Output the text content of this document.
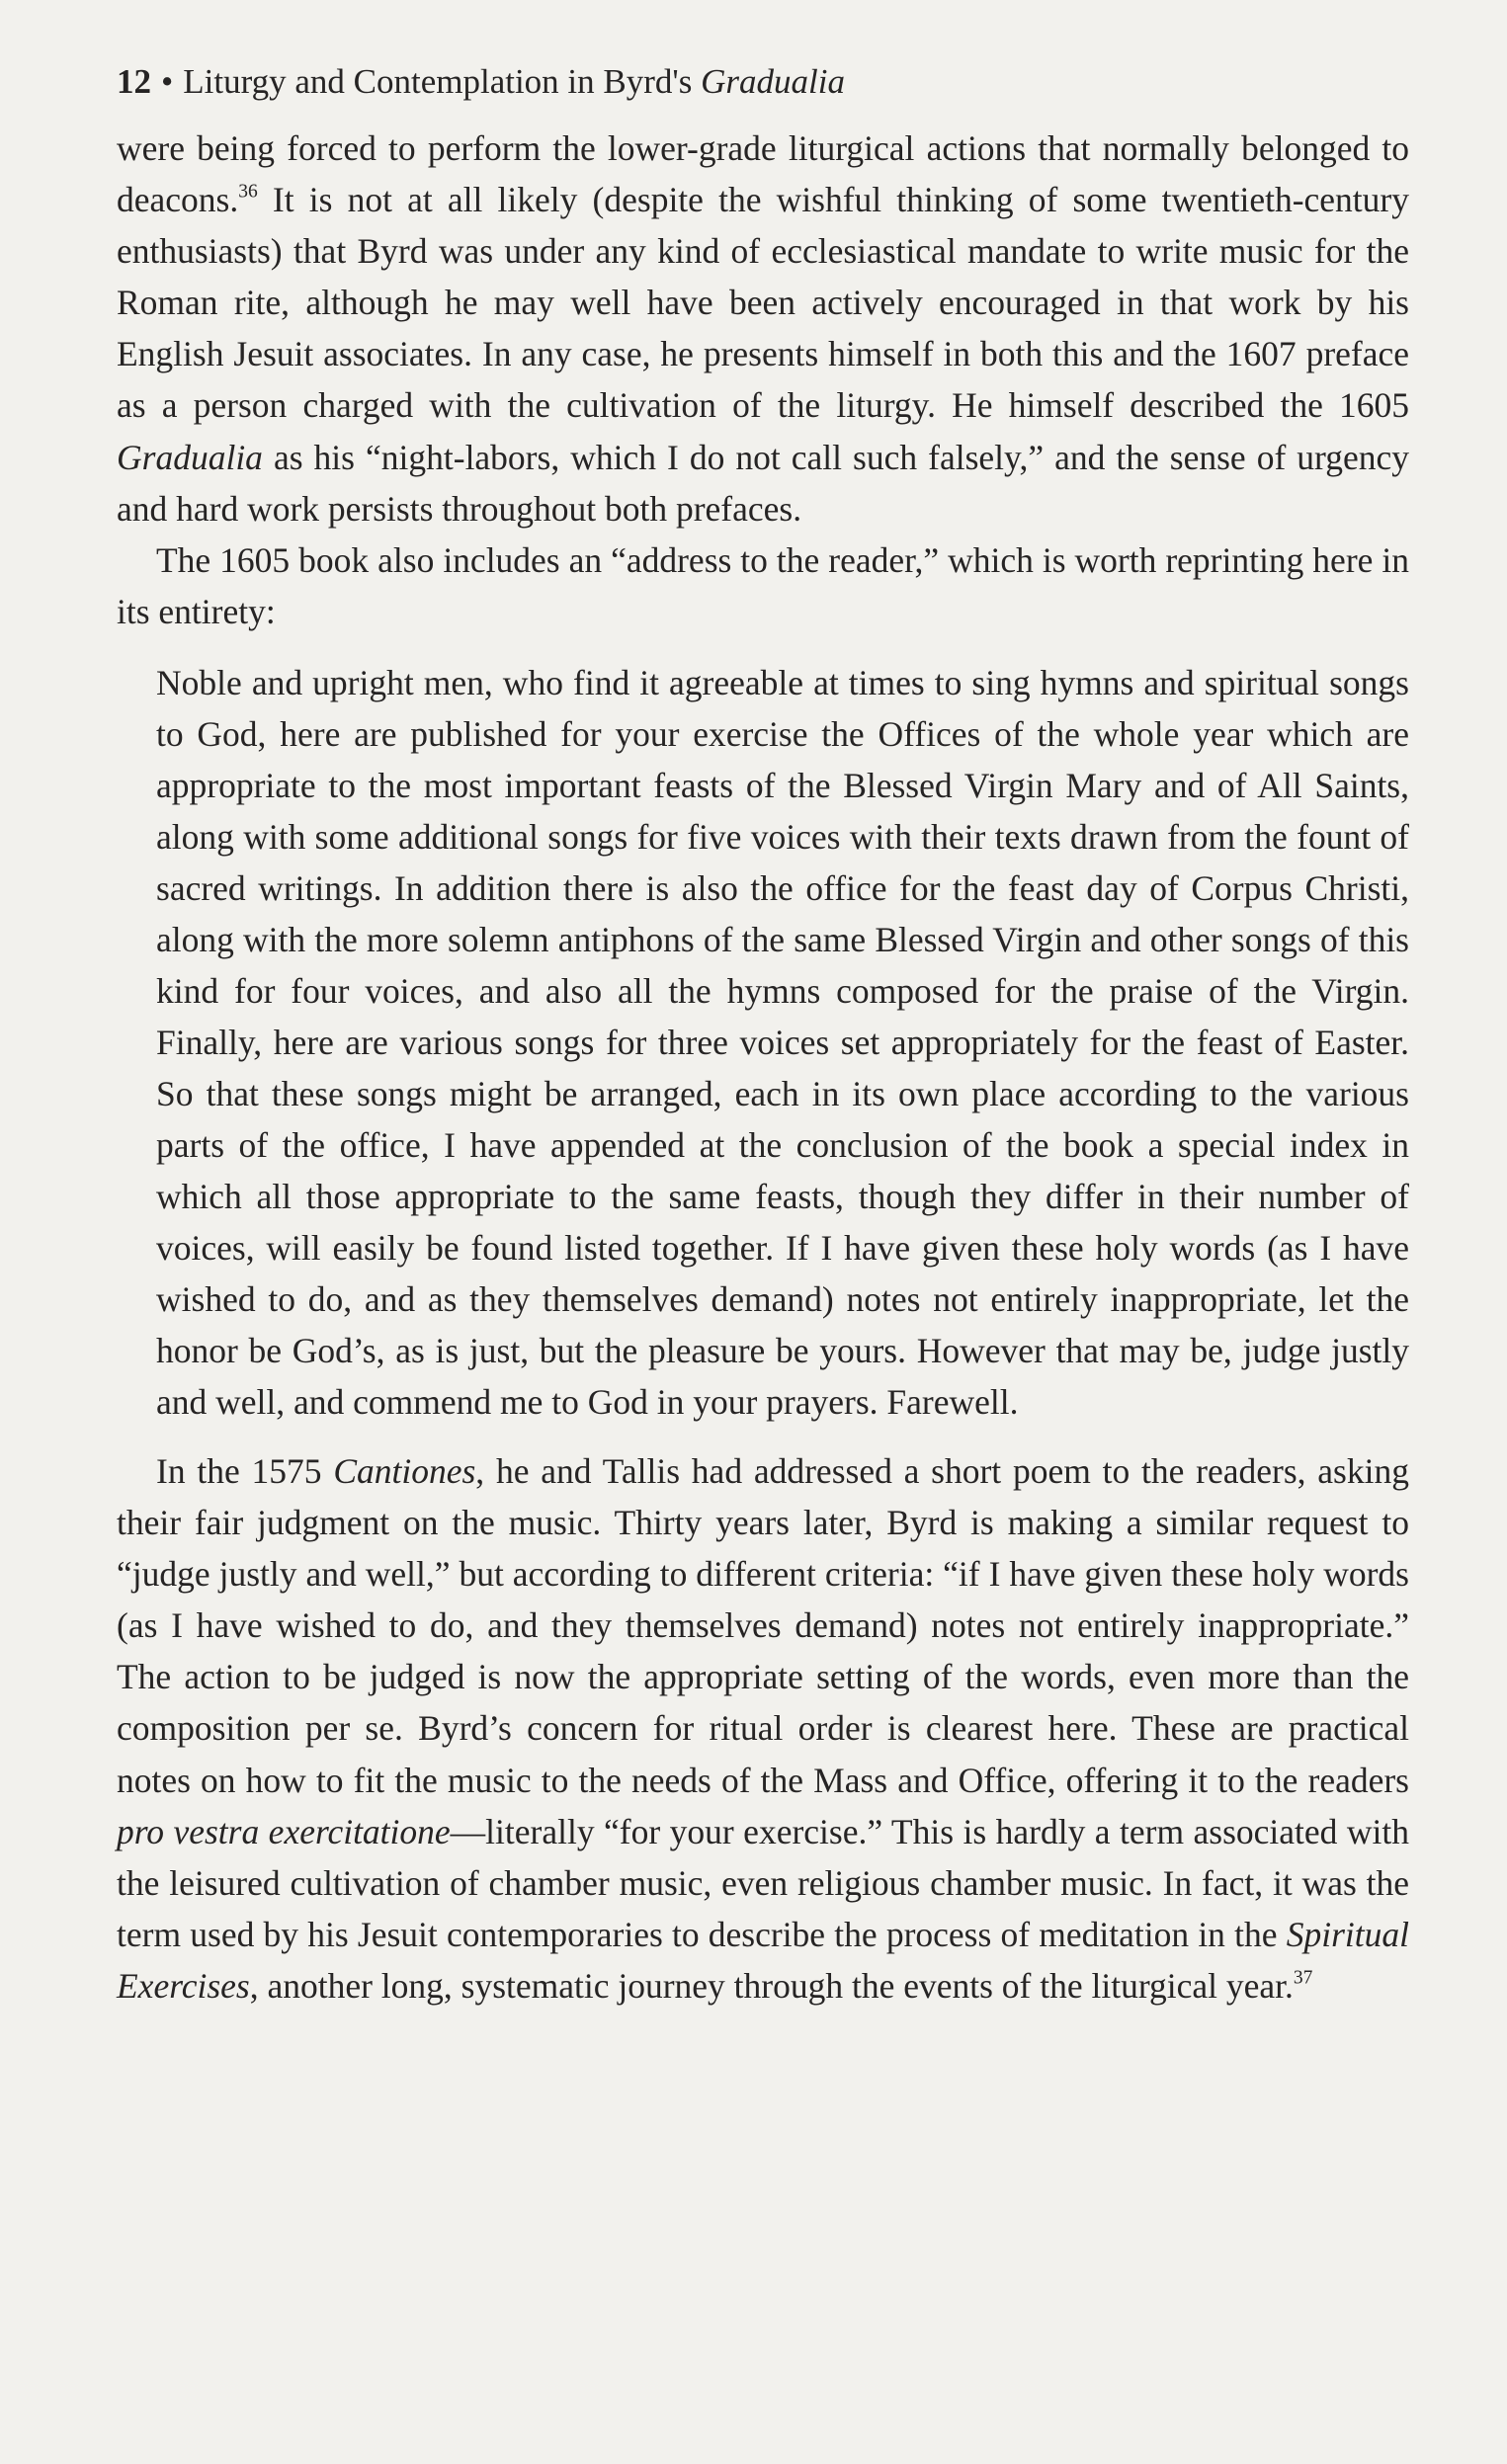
12 • Liturgy and Contemplation in Byrd's Gradualia

were being forced to perform the lower-grade liturgical actions that normally belonged to deacons.$^{36}$ It is not at all likely (despite the wishful thinking of some twentieth-century enthusiasts) that Byrd was under any kind of ecclesiastical mandate to write music for the Roman rite, although he may well have been actively encouraged in that work by his English Jesuit associates. In any case, he presents himself in both this and the 1607 preface as a person charged with the cultivation of the liturgy. He himself described the 1605 Gradualia as his “night-labors, which I do not call such falsely,” and the sense of urgency and hard work persists throughout both prefaces.

The 1605 book also includes an “address to the reader,” which is worth reprinting here in its entirety:

Noble and upright men, who find it agreeable at times to sing hymns and spiritual songs to God, here are published for your exercise the Offices of the whole year which are appropriate to the most important feasts of the Blessed Virgin Mary and of All Saints, along with some additional songs for five voices with their texts drawn from the fount of sacred writings. In addition there is also the office for the feast day of Corpus Christi, along with the more solemn antiphons of the same Blessed Virgin and other songs of this kind for four voices, and also all the hymns composed for the praise of the Virgin. Finally, here are various songs for three voices set appropriately for the feast of Easter. So that these songs might be arranged, each in its own place according to the various parts of the office, I have appended at the conclusion of the book a special index in which all those appropriate to the same feasts, though they differ in their number of voices, will easily be found listed together. If I have given these holy words (as I have wished to do, and as they themselves demand) notes not entirely inappropriate, let the honor be God’s, as is just, but the pleasure be yours. However that may be, judge justly and well, and commend me to God in your prayers. Farewell.

In the 1575 Cantiones, he and Tallis had addressed a short poem to the readers, asking their fair judgment on the music. Thirty years later, Byrd is making a similar request to “judge justly and well,” but according to different criteria: “if I have given these holy words (as I have wished to do, and they themselves demand) notes not entirely inappropriate.” The action to be judged is now the appropriate setting of the words, even more than the composition per se. Byrd’s concern for ritual order is clearest here. These are practical notes on how to fit the music to the needs of the Mass and Office, offering it to the readers pro vestra exercitatione—literally “for your exercise.” This is hardly a term associated with the leisured cultivation of chamber music, even religious chamber music. In fact, it was the term used by his Jesuit contemporaries to describe the process of meditation in the Spiritual Exercises, another long, systematic journey through the events of the liturgical year.$^{37}$
